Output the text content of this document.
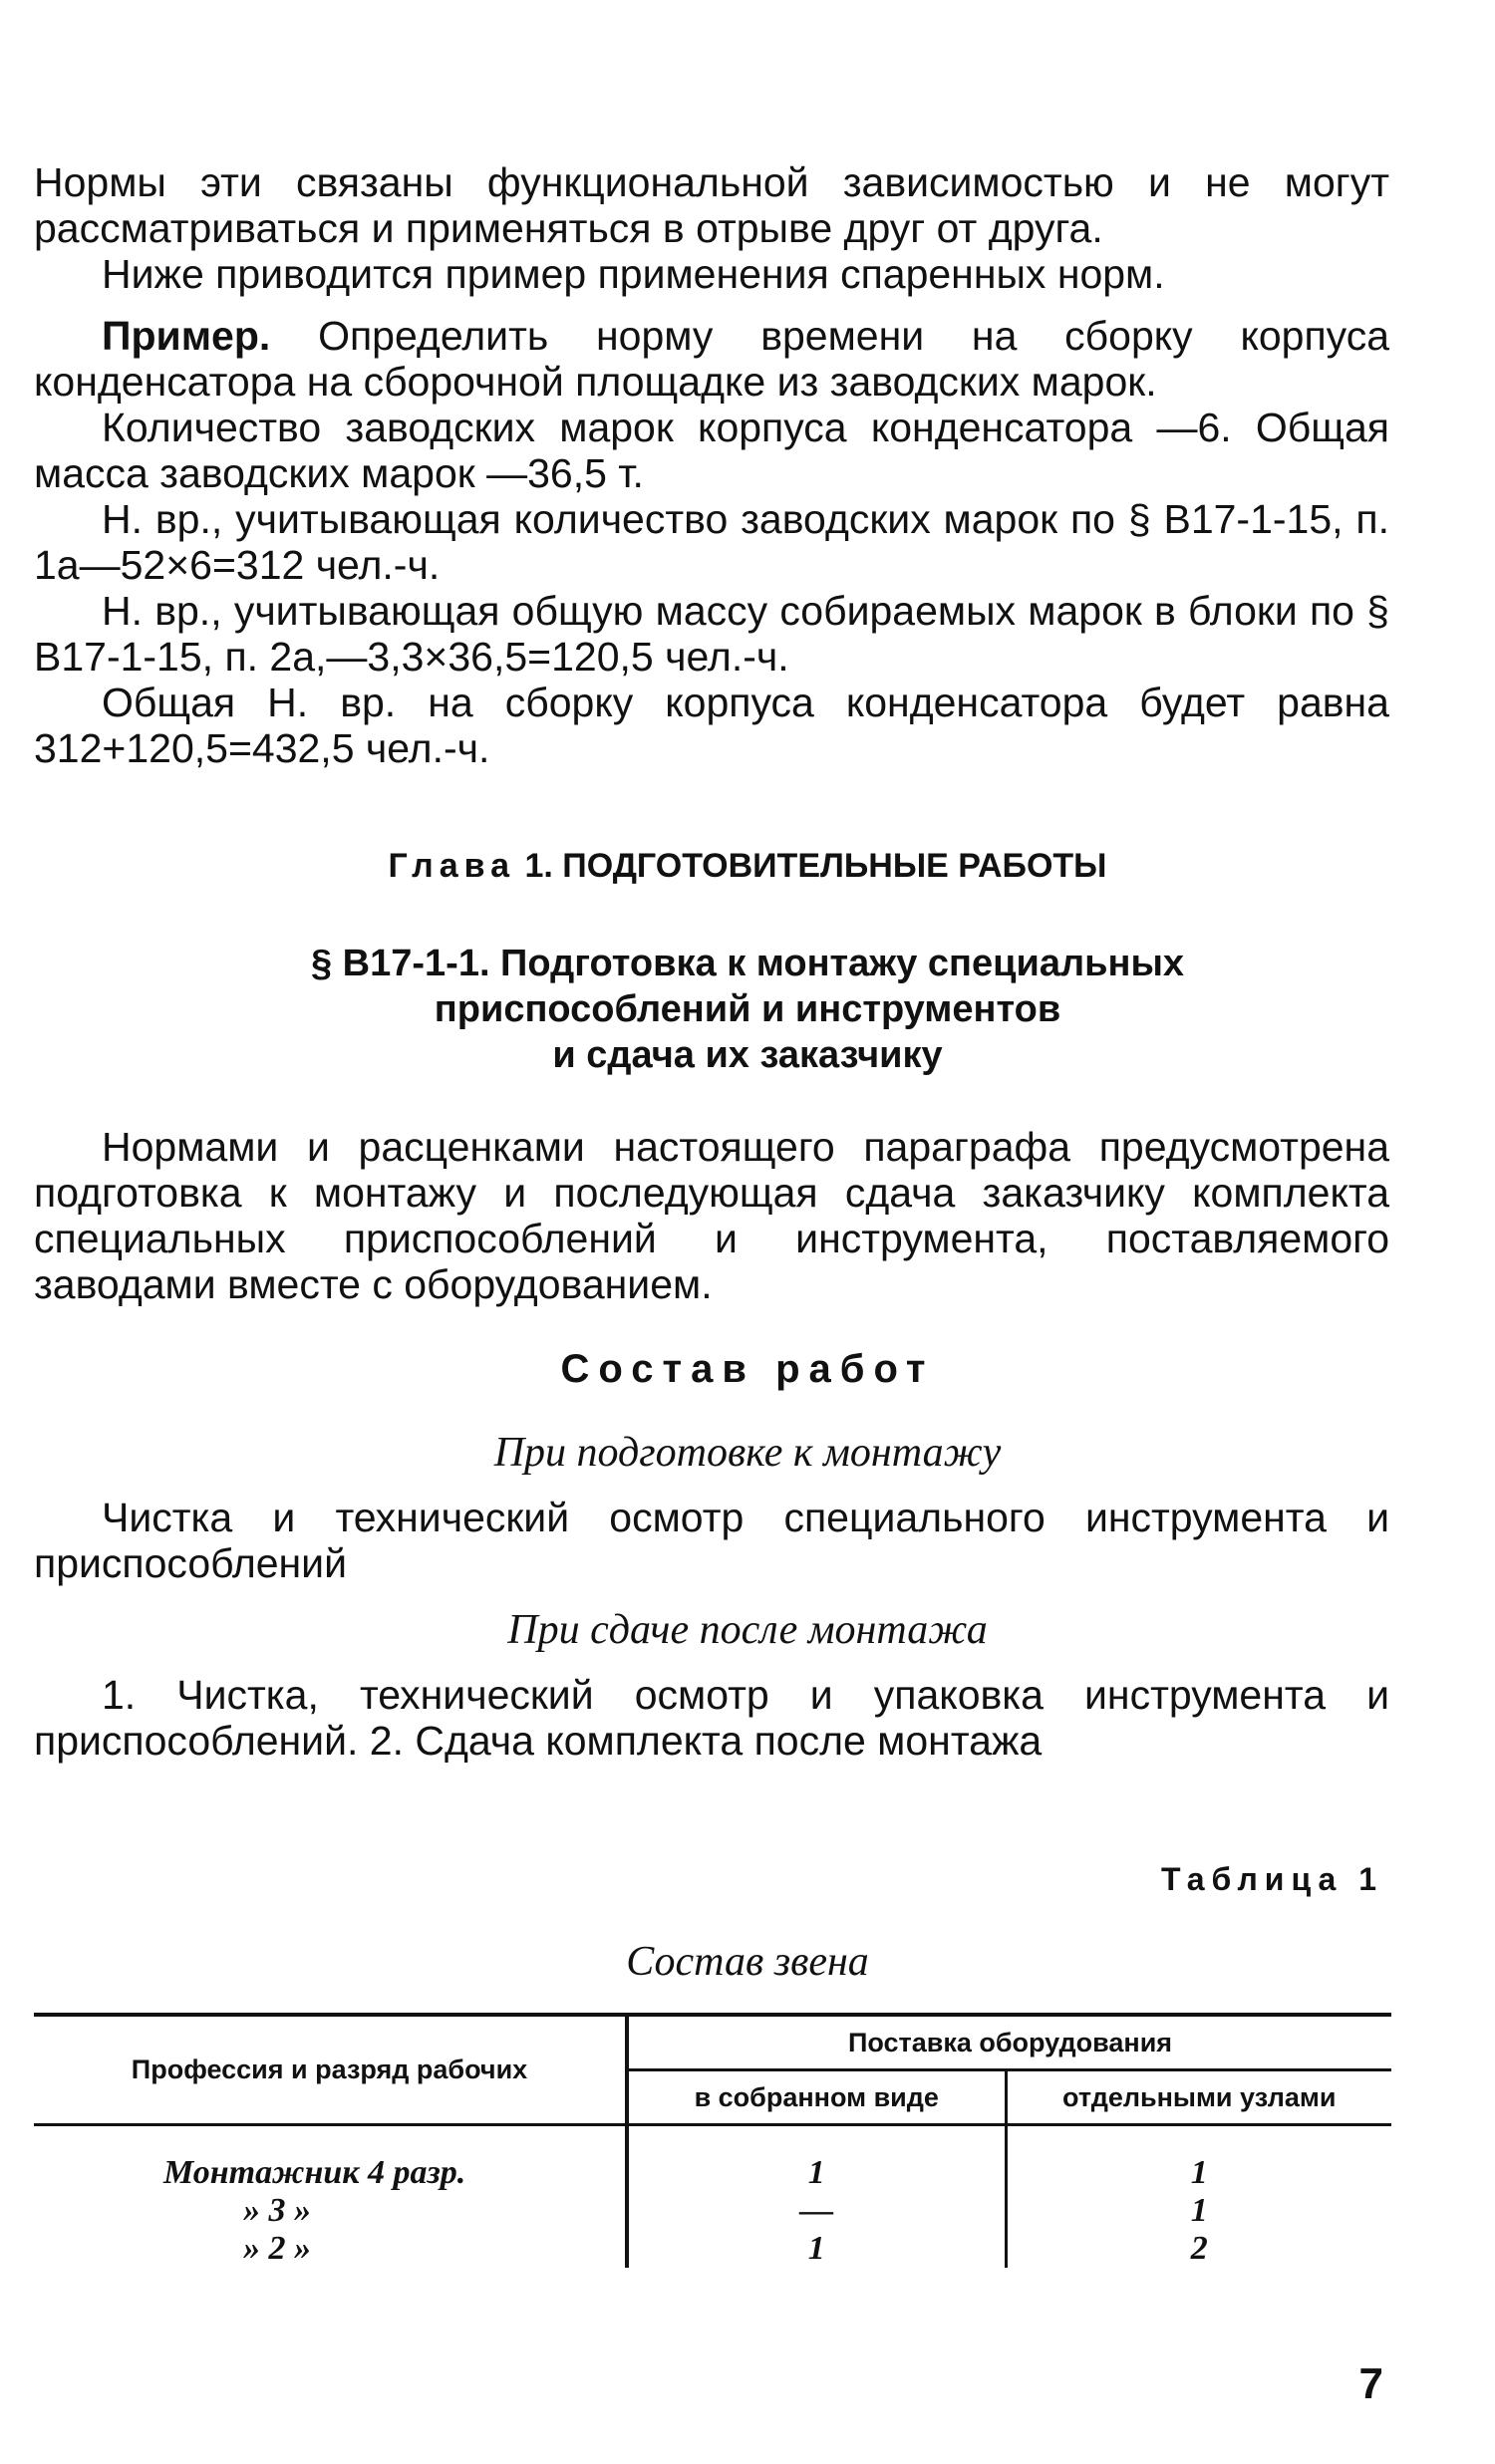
Нормы эти связаны функциональной зависимостью и не могут рассматриваться и применяться в отрыве друг от друга.

Ниже приводится пример применения спаренных норм.

Пример. Определить норму времени на сборку корпуса конденсатора на сборочной площадке из заводских марок.

Количество заводских марок корпуса конденсатора —6. Общая масса заводских марок —36,5 т.

Н. вр., учитывающая количество заводских марок по § В17-1-15, п. 1а—52×6=312 чел.-ч.

Н. вр., учитывающая общую массу собираемых марок в блоки по § В17-1-15, п. 2а,—3,3×36,5=120,5 чел.-ч.

Общая Н. вр. на сборку корпуса конденсатора будет равна 312+120,5=432,5 чел.-ч.

Глава 1. ПОДГОТОВИТЕЛЬНЫЕ РАБОТЫ
§ В17-1-1. Подготовка к монтажу специальных
приспособлений и инструментов
и сдача их заказчику

Нормами и расценками настоящего параграфа предусмотрена подготовка к монтажу и последующая сдача заказчику комплекта специальных приспособлений и инструмента, поставляемого заводами вместе с оборудованием.

Состав работ
При подготовке к монтажу

Чистка и технический осмотр специального инструмента и приспособлений

При сдаче после монтажа

1. Чистка, технический осмотр и упаковка инструмента и приспособлений. 2. Сдача комплекта после монтажа

Таблица 1
Состав звена
Профессия и разряд рабочих	Поставка оборудования	
	в собранном виде	отдельными узлами
Монтажник 4 разр.	1	1
» 3 »	—	1
» 2 »	1	2
7
